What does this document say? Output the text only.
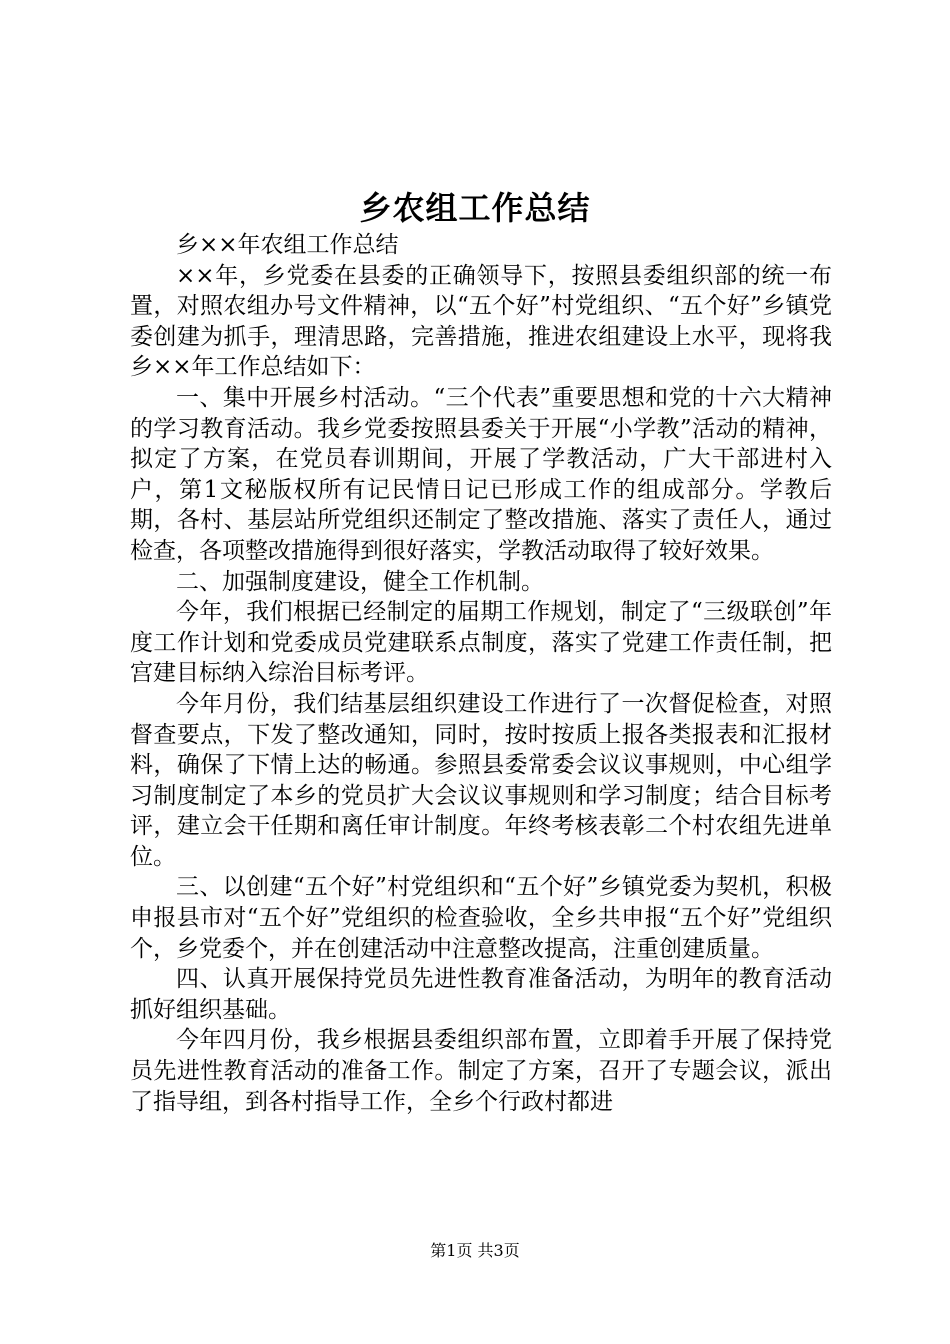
乡农组工作总结

乡××年农组工作总结

××年，乡党委在县委的正确领导下，按照县委组织部的统一布置，对照农组办号文件精神，以“五个好”村党组织、“五个好”乡镇党委创建为抓手，理清思路，完善措施，推进农组建设上水平，现将我乡××年工作总结如下：

一、集中开展乡村活动。“三个代表”重要思想和党的十六大精神的学习教育活动。我乡党委按照县委关于开展“小学教”活动的精神，拟定了方案，在党员春训期间，开展了学教活动，广大干部进村入户，第1文秘版权所有记民情日记已形成工作的组成部分。学教后期，各村、基层站所党组织还制定了整改措施、落实了责任人，通过检查，各项整改措施得到很好落实，学教活动取得了较好效果。

二、加强制度建设，健全工作机制。

今年，我们根据已经制定的届期工作规划，制定了“三级联创”年度工作计划和党委成员党建联系点制度，落实了党建工作责任制，把宫建目标纳入综治目标考评。

今年月份，我们结基层组织建设工作进行了一次督促检查，对照督查要点，下发了整改通知，同时，按时按质上报各类报表和汇报材料，确保了下情上达的畅通。参照县委常委会议议事规则，中心组学习制度制定了本乡的党员扩大会议议事规则和学习制度；结合目标考评，建立会干任期和离任审计制度。年终考核表彰二个村农组先进单位。

三、以创建“五个好”村党组织和“五个好”乡镇党委为契机，积极申报县市对“五个好”党组织的检查验收，全乡共申报“五个好”党组织个，乡党委个，并在创建活动中注意整改提高，注重创建质量。

四、认真开展保持党员先进性教育准备活动，为明年的教育活动抓好组织基础。

今年四月份，我乡根据县委组织部布置，立即着手开展了保持党员先进性教育活动的准备工作。制定了方案，召开了专题会议，派出了指导组，到各村指导工作，全乡个行政村都进

第1页 共3页
